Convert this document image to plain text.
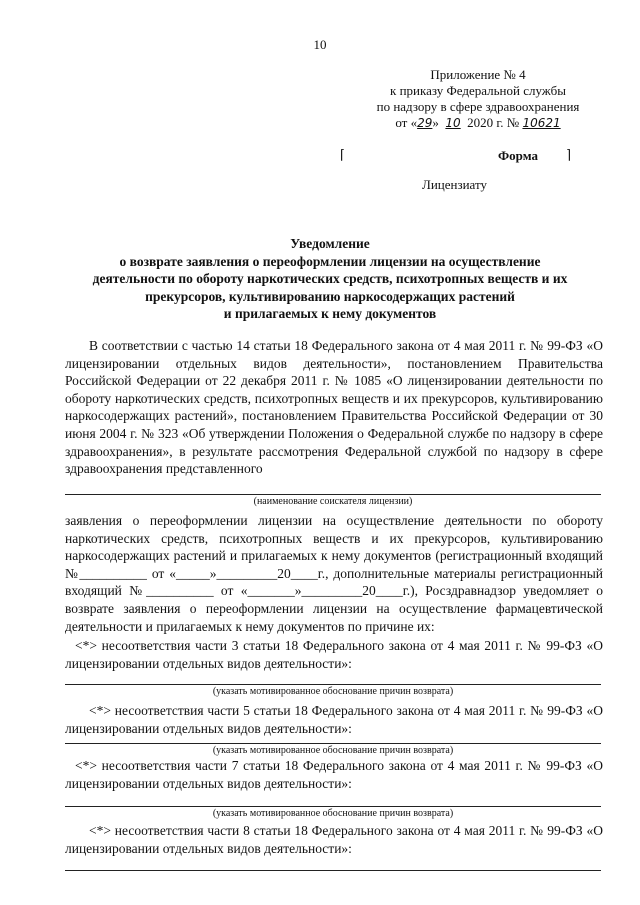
10
Приложение № 4
к приказу Федеральной службы
по надзору в сфере здравоохранения
от «29» 10 2020 г. № 10621
⌈	Форма ⌉
Лицензиату
Уведомление
о возврате заявления о переоформлении лицензии на осуществление
деятельности по обороту наркотических средств, психотропных веществ и их
прекурсоров, культивированию наркосодержащих растений
и прилагаемых к нему документов
В соответствии с частью 14 статьи 18 Федерального закона от 4 мая 2011 г. № 99-ФЗ «О лицензировании отдельных видов деятельности», постановлением Правительства Российской Федерации от 22 декабря 2011 г. № 1085 «О лицензировании деятельности по обороту наркотических средств, психотропных веществ и их прекурсоров, культивированию наркосодержащих растений», постановлением Правительства Российской Федерации от 30 июня 2004 г. № 323 «Об утверждении Положения о Федеральной службе по надзору в сфере здравоохранения», в результате рассмотрения Федеральной службой по надзору в сфере здравоохранения представленного
(наименование соискателя лицензии)
заявления о переоформлении лицензии на осуществление деятельности по обороту наркотических средств, психотропных веществ и их прекурсоров, культивированию наркосодержащих растений и прилагаемых к нему документов (регистрационный входящий №__________ от «_____»_________20____г., дополнительные материалы регистрационный входящий №__________ от «_______»_________20____г.), Росздравнадзор уведомляет о возврате заявления о переоформлении лицензии на осуществление фармацевтической деятельности и прилагаемых к нему документов по причине их:
<*> несоответствия части 3 статьи 18 Федерального закона от 4 мая 2011 г. № 99-ФЗ «О лицензировании отдельных видов деятельности»:
(указать мотивированное обоснование причин возврата)
<*> несоответствия части 5 статьи 18 Федерального закона от 4 мая 2011 г. № 99-ФЗ «О лицензировании отдельных видов деятельности»:
(указать мотивированное обоснование причин возврата)
<*> несоответствия части 7 статьи 18 Федерального закона от 4 мая 2011 г. № 99-ФЗ «О лицензировании отдельных видов деятельности»:
(указать мотивированное обоснование причин возврата)
<*> несоответствия части 8 статьи 18 Федерального закона от 4 мая 2011 г. № 99-ФЗ «О лицензировании отдельных видов деятельности»:
